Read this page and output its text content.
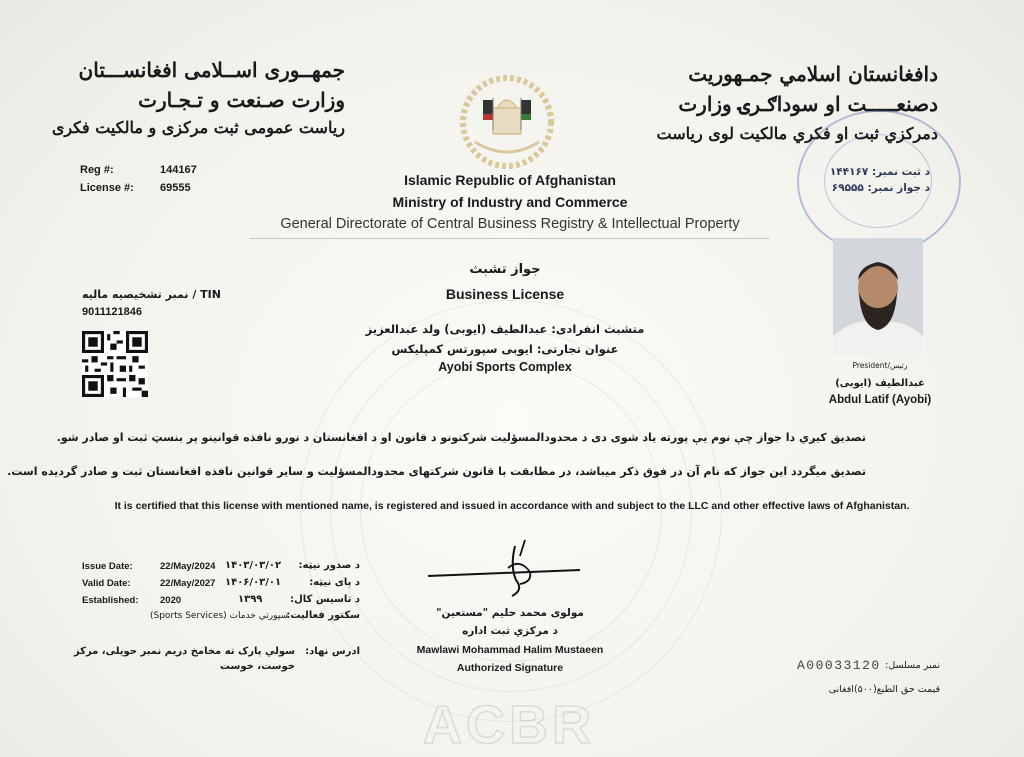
جمهــوری اســلامی افغانســـتان
وزارت صـنعت و تـجـارت
ریاست عمومی ثبت مرکزی و مالکیت فکری
دافغانستان اسلامي جمـهوريت
دصنعـــــت او سوداګـرۍ وزارت
دمرکزي ثبت او فکري مالکیت لوی ریاست
Islamic Republic of Afghanistan
Ministry of Industry and Commerce
General Directorate of Central Business Registry & Intellectual Property
Reg #:	144167
License #: 69555
د ثبت نمبر: ۱۴۴۱۶۷
د جواز نمبر: ۶۹۵۵۵
نمبر تشخیصیه مالیه / TIN
9011121846
جواز تشبث
Business License
متشبث انفرادی: عبدالطیف (ایوبی) ولد عبدالعزیز
عنوان تجارتی: ایوبی سپورتس کمپلیکس
Ayobi Sports Complex	President/رئیس
عبدالطیف (ایوبی)
Abdul Latif (Ayobi)
تصدیق کیږي دا جواز چې نوم یې پورته یاد شوی دی د محدودالمسؤلیت شرکتونو د قانون او د افغانستان د نورو نافذه قوانینو پر بنسټ ثبت او صادر شو.
تصدیق میگردد این جواز که نام آن در فوق ذکر میباشد، در مطابقت با قانون شرکتهای محدودالمسؤلیت و سایر قوانین نافذه افغانستان ثبت و صادر گردیده است.
It is certified that this license with mentioned name, is registered and issued in accordance with and subject to the LLC and other effective laws of Afghanistan.
Issue Date:	22/May/2024 ۱۴۰۳/۰۳/۰۲	د صدور نیټه:
Valid Date:	22/May/2027 ۱۴۰۶/۰۳/۰۱	د پای نیټه:
Established: 2020	۱۳۹۹	د تاسیس کال:
(Sports Services) سپورتي خدمات
سکتور فعالیت:
ادرس نهاد:
سولي پارک ته مخامخ دریم نمبر حویلی، مرکز
خوست، خوست
مولوی محمد حلیم "مستعین"
د مرکزي ثبت اداره
Mawlawi Mohammad Halim Mustaeen
Authorized Signature	A00033120 نمبر مسلسل:
قیمت حق الطبع(۵۰۰)افغانی
ACBR
